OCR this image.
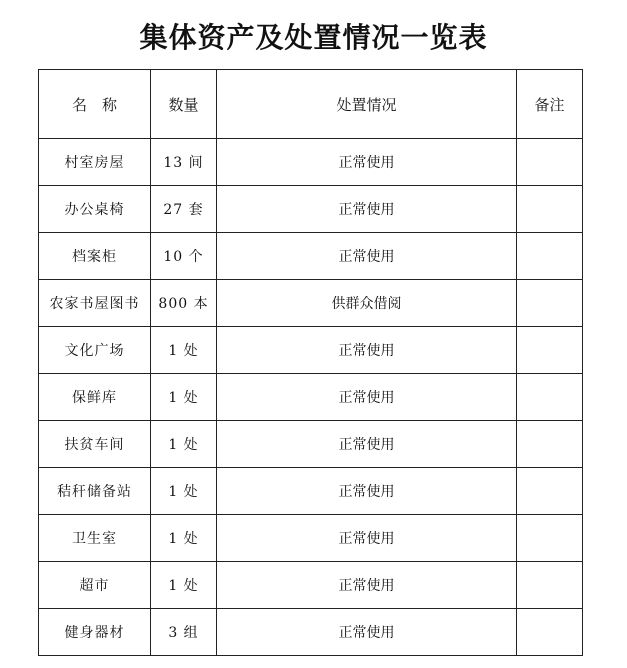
集体资产及处置情况一览表
名　称	数量	处置情况	备注
村室房屋	13 间	正常使用	
办公桌椅	27 套	正常使用	
档案柜	10 个	正常使用	
农家书屋图书	800 本	供群众借阅	
文化广场	1 处	正常使用	
保鲜库	1 处	正常使用	
扶贫车间	1 处	正常使用	
秸秆储备站	1 处	正常使用	
卫生室	1 处	正常使用	
超市	1 处	正常使用	
健身器材	3 组	正常使用	
